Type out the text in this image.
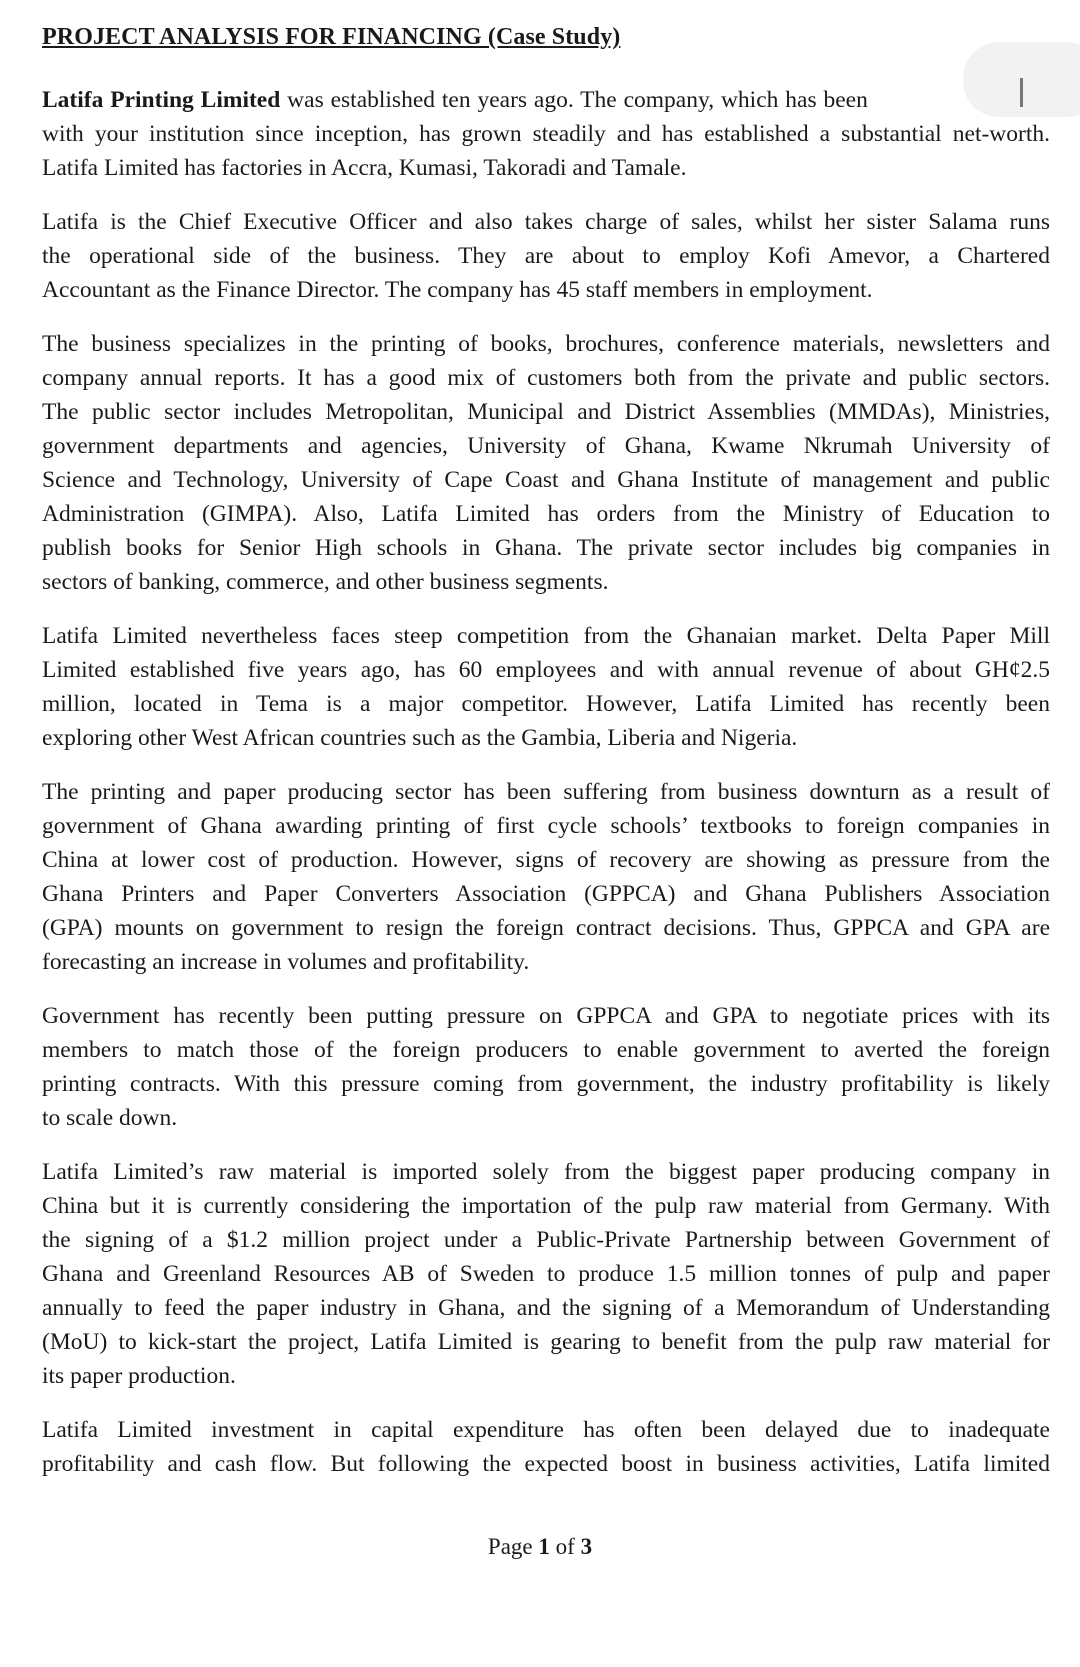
PROJECT ANALYSIS FOR FINANCING (Case Study)
Latifa Printing Limited was established ten years ago. The company, which has been
with your institution since inception, has grown steadily and has established a substantial net-worth.
Latifa Limited has factories in Accra, Kumasi, Takoradi and Tamale.
Latifa is the Chief Executive Officer and also takes charge of sales, whilst her sister Salama runs
the operational side of the business. They are about to employ Kofi Amevor, a Chartered
Accountant as the Finance Director. The company has 45 staff members in employment.
The business specializes in the printing of books, brochures, conference materials, newsletters and
company annual reports. It has a good mix of customers both from the private and public sectors.
The public sector includes Metropolitan, Municipal and District Assemblies (MMDAs), Ministries,
government departments and agencies, University of Ghana, Kwame Nkrumah University of
Science and Technology, University of Cape Coast and Ghana Institute of management and public
Administration (GIMPA). Also, Latifa Limited has orders from the Ministry of Education to
publish books for Senior High schools in Ghana. The private sector includes big companies in
sectors of banking, commerce, and other business segments.
Latifa Limited nevertheless faces steep competition from the Ghanaian market. Delta Paper Mill
Limited established five years ago, has 60 employees and with annual revenue of about GH¢2.5
million, located in Tema is a major competitor. However, Latifa Limited has recently been
exploring other West African countries such as the Gambia, Liberia and Nigeria.
The printing and paper producing sector has been suffering from business downturn as a result of
government of Ghana awarding printing of first cycle schools’ textbooks to foreign companies in
China at lower cost of production. However, signs of recovery are showing as pressure from the
Ghana Printers and Paper Converters Association (GPPCA) and Ghana Publishers Association
(GPA) mounts on government to resign the foreign contract decisions. Thus, GPPCA and GPA are
forecasting an increase in volumes and profitability.
Government has recently been putting pressure on GPPCA and GPA to negotiate prices with its
members to match those of the foreign producers to enable government to averted the foreign
printing contracts. With this pressure coming from government, the industry profitability is likely
to scale down.
Latifa Limited’s raw material is imported solely from the biggest paper producing company in
China but it is currently considering the importation of the pulp raw material from Germany. With
the signing of a $1.2 million project under a Public-Private Partnership between Government of
Ghana and Greenland Resources AB of Sweden to produce 1.5 million tonnes of pulp and paper
annually to feed the paper industry in Ghana, and the signing of a Memorandum of Understanding
(MoU) to kick-start the project, Latifa Limited is gearing to benefit from the pulp raw material for
its paper production.
Latifa Limited investment in capital expenditure has often been delayed due to inadequate
profitability and cash flow. But following the expected boost in business activities, Latifa limited
Page 1 of 3
